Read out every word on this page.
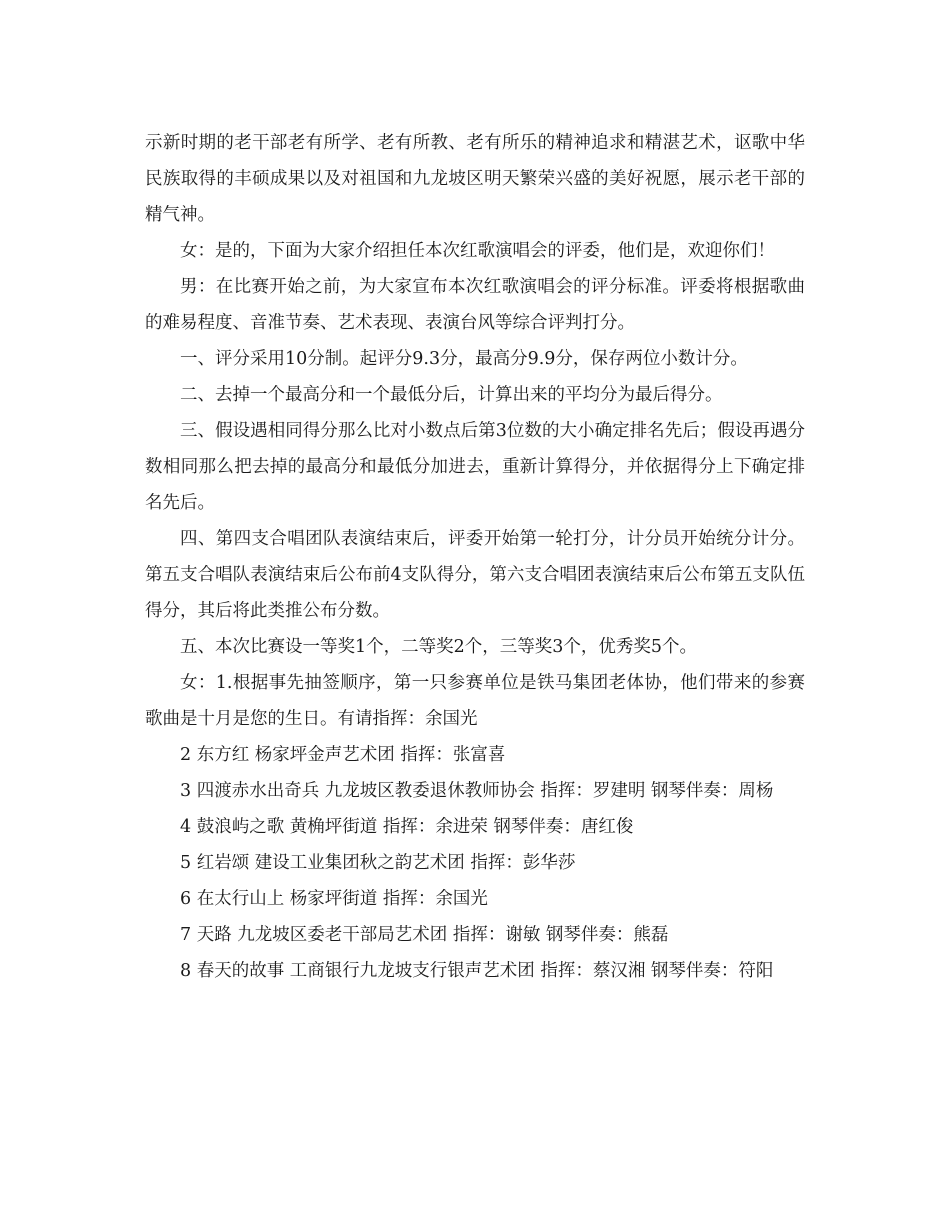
示新时期的老干部老有所学、老有所教、老有所乐的精神追求和精湛艺术，讴歌中华民族取得的丰硕成果以及对祖国和九龙坡区明天繁荣兴盛的美好祝愿，展示老干部的精气神。

女：是的，下面为大家介绍担任本次红歌演唱会的评委，他们是，欢迎你们！

男：在比赛开始之前，为大家宣布本次红歌演唱会的评分标准。评委将根据歌曲的难易程度、音准节奏、艺术表现、表演台风等综合评判打分。

一、评分采用10分制。起评分9.3分，最高分9.9分，保存两位小数计分。

二、去掉一个最高分和一个最低分后，计算出来的平均分为最后得分。

三、假设遇相同得分那么比对小数点后第3位数的大小确定排名先后；假设再遇分数相同那么把去掉的最高分和最低分加进去，重新计算得分，并依据得分上下确定排名先后。

四、第四支合唱团队表演结束后，评委开始第一轮打分，计分员开始统分计分。第五支合唱队表演结束后公布前4支队得分，第六支合唱团表演结束后公布第五支队伍得分，其后将此类推公布分数。

五、本次比赛设一等奖1个，二等奖2个，三等奖3个，优秀奖5个。

女：1.根据事先抽签顺序，第一只参赛单位是铁马集团老体协，他们带来的参赛歌曲是十月是您的生日。有请指挥：余国光

2 东方红 杨家坪金声艺术团 指挥：张富喜

3 四渡赤水出奇兵 九龙坡区教委退休教师协会 指挥：罗建明 钢琴伴奏：周杨

4 鼓浪屿之歌 黄桷坪街道 指挥：余进荣 钢琴伴奏：唐红俊

5 红岩颂 建设工业集团秋之韵艺术团 指挥：彭华莎

6 在太行山上 杨家坪街道 指挥：余国光

7 天路 九龙坡区委老干部局艺术团 指挥：谢敏 钢琴伴奏：熊磊

8 春天的故事 工商银行九龙坡支行银声艺术团 指挥：蔡汉湘 钢琴伴奏：符阳
